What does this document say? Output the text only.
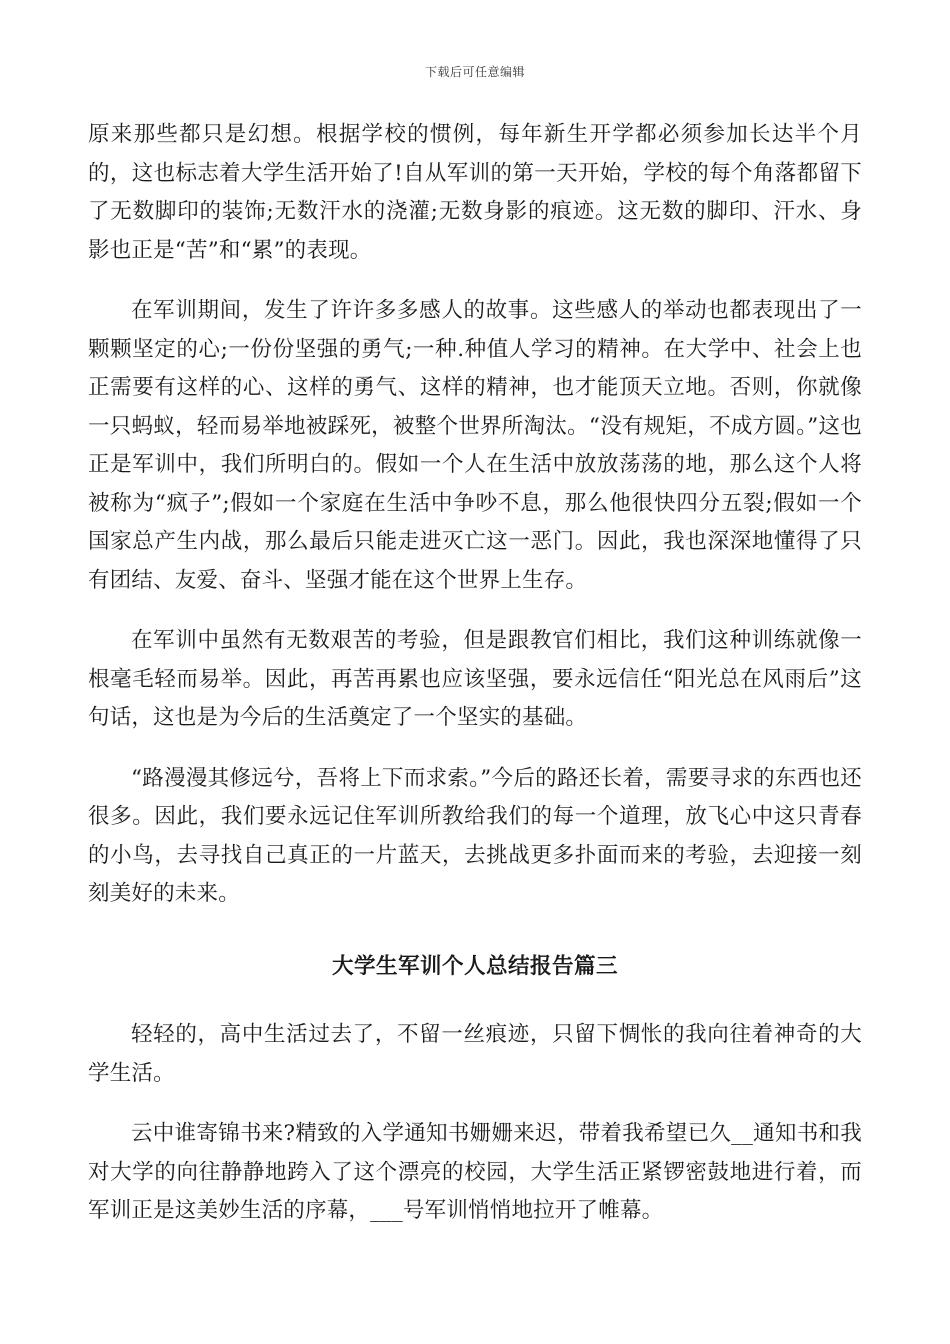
下载后可任意编辑

原来那些都只是幻想。根据学校的惯例，每年新生开学都必须参加长达半个月的，这也标志着大学生活开始了!自从军训的第一天开始，学校的每个角落都留下了无数脚印的装饰;无数汗水的浇灌;无数身影的痕迹。这无数的脚印、汗水、身影也正是“苦”和“累”的表现。

在军训期间，发生了许许多多感人的故事。这些感人的举动也都表现出了一颗颗坚定的心;一份份坚强的勇气;一种.种值人学习的精神。在大学中、社会上也正需要有这样的心、这样的勇气、这样的精神，也才能顶天立地。否则，你就像一只蚂蚁，轻而易举地被踩死，被整个世界所淘汰。“没有规矩，不成方圆。”这也正是军训中，我们所明白的。假如一个人在生活中放放荡荡的地，那么这个人将被称为“疯子”;假如一个家庭在生活中争吵不息，那么他很快四分五裂;假如一个国家总产生内战，那么最后只能走进灭亡这一恶门。因此，我也深深地懂得了只有团结、友爱、奋斗、坚强才能在这个世界上生存。

在军训中虽然有无数艰苦的考验，但是跟教官们相比，我们这种训练就像一根毫毛轻而易举。因此，再苦再累也应该坚强，要永远信任“阳光总在风雨后”这句话，这也是为今后的生活奠定了一个坚实的基础。

“路漫漫其修远兮，吾将上下而求索。”今后的路还长着，需要寻求的东西也还很多。因此，我们要永远记住军训所教给我们的每一个道理，放飞心中这只青春的小鸟，去寻找自己真正的一片蓝天，去挑战更多扑面而来的考验，去迎接一刻刻美好的未来。

大学生军训个人总结报告篇三

轻轻的，高中生活过去了，不留一丝痕迹，只留下惆怅的我向往着神奇的大学生活。

云中谁寄锦书来?精致的入学通知书姗姗来迟，带着我希望已久__通知书和我对大学的向往静静地跨入了这个漂亮的校园，大学生活正紧锣密鼓地进行着，而军训正是这美妙生活的序幕，___号军训悄悄地拉开了帷幕。
